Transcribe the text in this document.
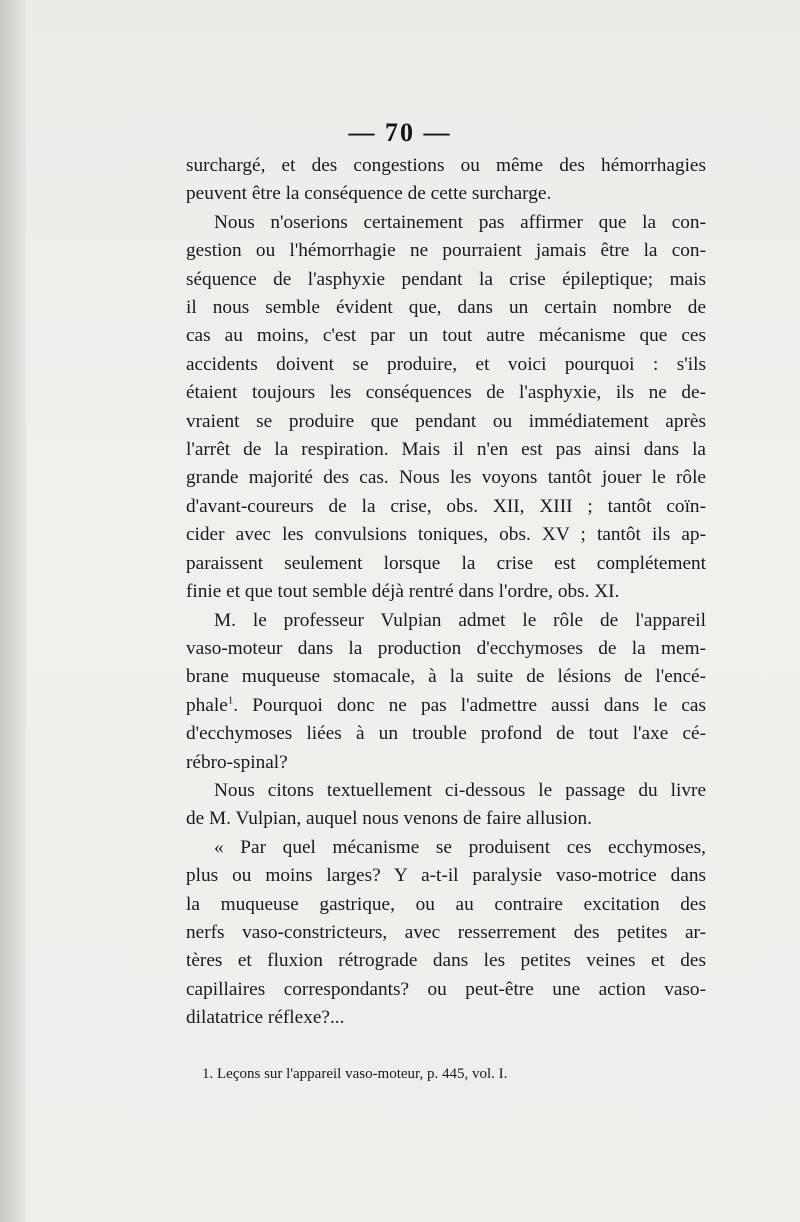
— 70 —
surchargé, et des congestions ou même des hémorrhagies
peuvent être la conséquence de cette surcharge.
Nous n'oserions certainement pas affirmer que la con-
gestion ou l'hémorrhagie ne pourraient jamais être la con-
séquence de l'asphyxie pendant la crise épileptique; mais
il nous semble évident que, dans un certain nombre de
cas au moins, c'est par un tout autre mécanisme que ces
accidents doivent se produire, et voici pourquoi : s'ils
étaient toujours les conséquences de l'asphyxie, ils ne de-
vraient se produire que pendant ou immédiatement après
l'arrêt de la respiration. Mais il n'en est pas ainsi dans la
grande majorité des cas. Nous les voyons tantôt jouer le rôle
d'avant-coureurs de la crise, obs. XII, XIII ; tantôt coïn-
cider avec les convulsions toniques, obs. XV ; tantôt ils ap-
paraissent seulement lorsque la crise est complétement
finie et que tout semble déjà rentré dans l'ordre, obs. XI.
M. le professeur Vulpian admet le rôle de l'appareil
vaso-moteur dans la production d'ecchymoses de la mem-
brane muqueuse stomacale, à la suite de lésions de l'encé-
phale$^1$. Pourquoi donc ne pas l'admettre aussi dans le cas
d'ecchymoses liées à un trouble profond de tout l'axe cé-
rébro-spinal?
Nous citons textuellement ci-dessous le passage du livre
de M. Vulpian, auquel nous venons de faire allusion.
« Par quel mécanisme se produisent ces ecchymoses,
plus ou moins larges? Y a-t-il paralysie vaso-motrice dans
la muqueuse gastrique, ou au contraire excitation des
nerfs vaso-constricteurs, avec resserrement des petites ar-
tères et fluxion rétrograde dans les petites veines et des
capillaires correspondants? ou peut-être une action vaso-
dilatatrice réflexe?...
1. Leçons sur l'appareil vaso-moteur, p. 445, vol. I.
